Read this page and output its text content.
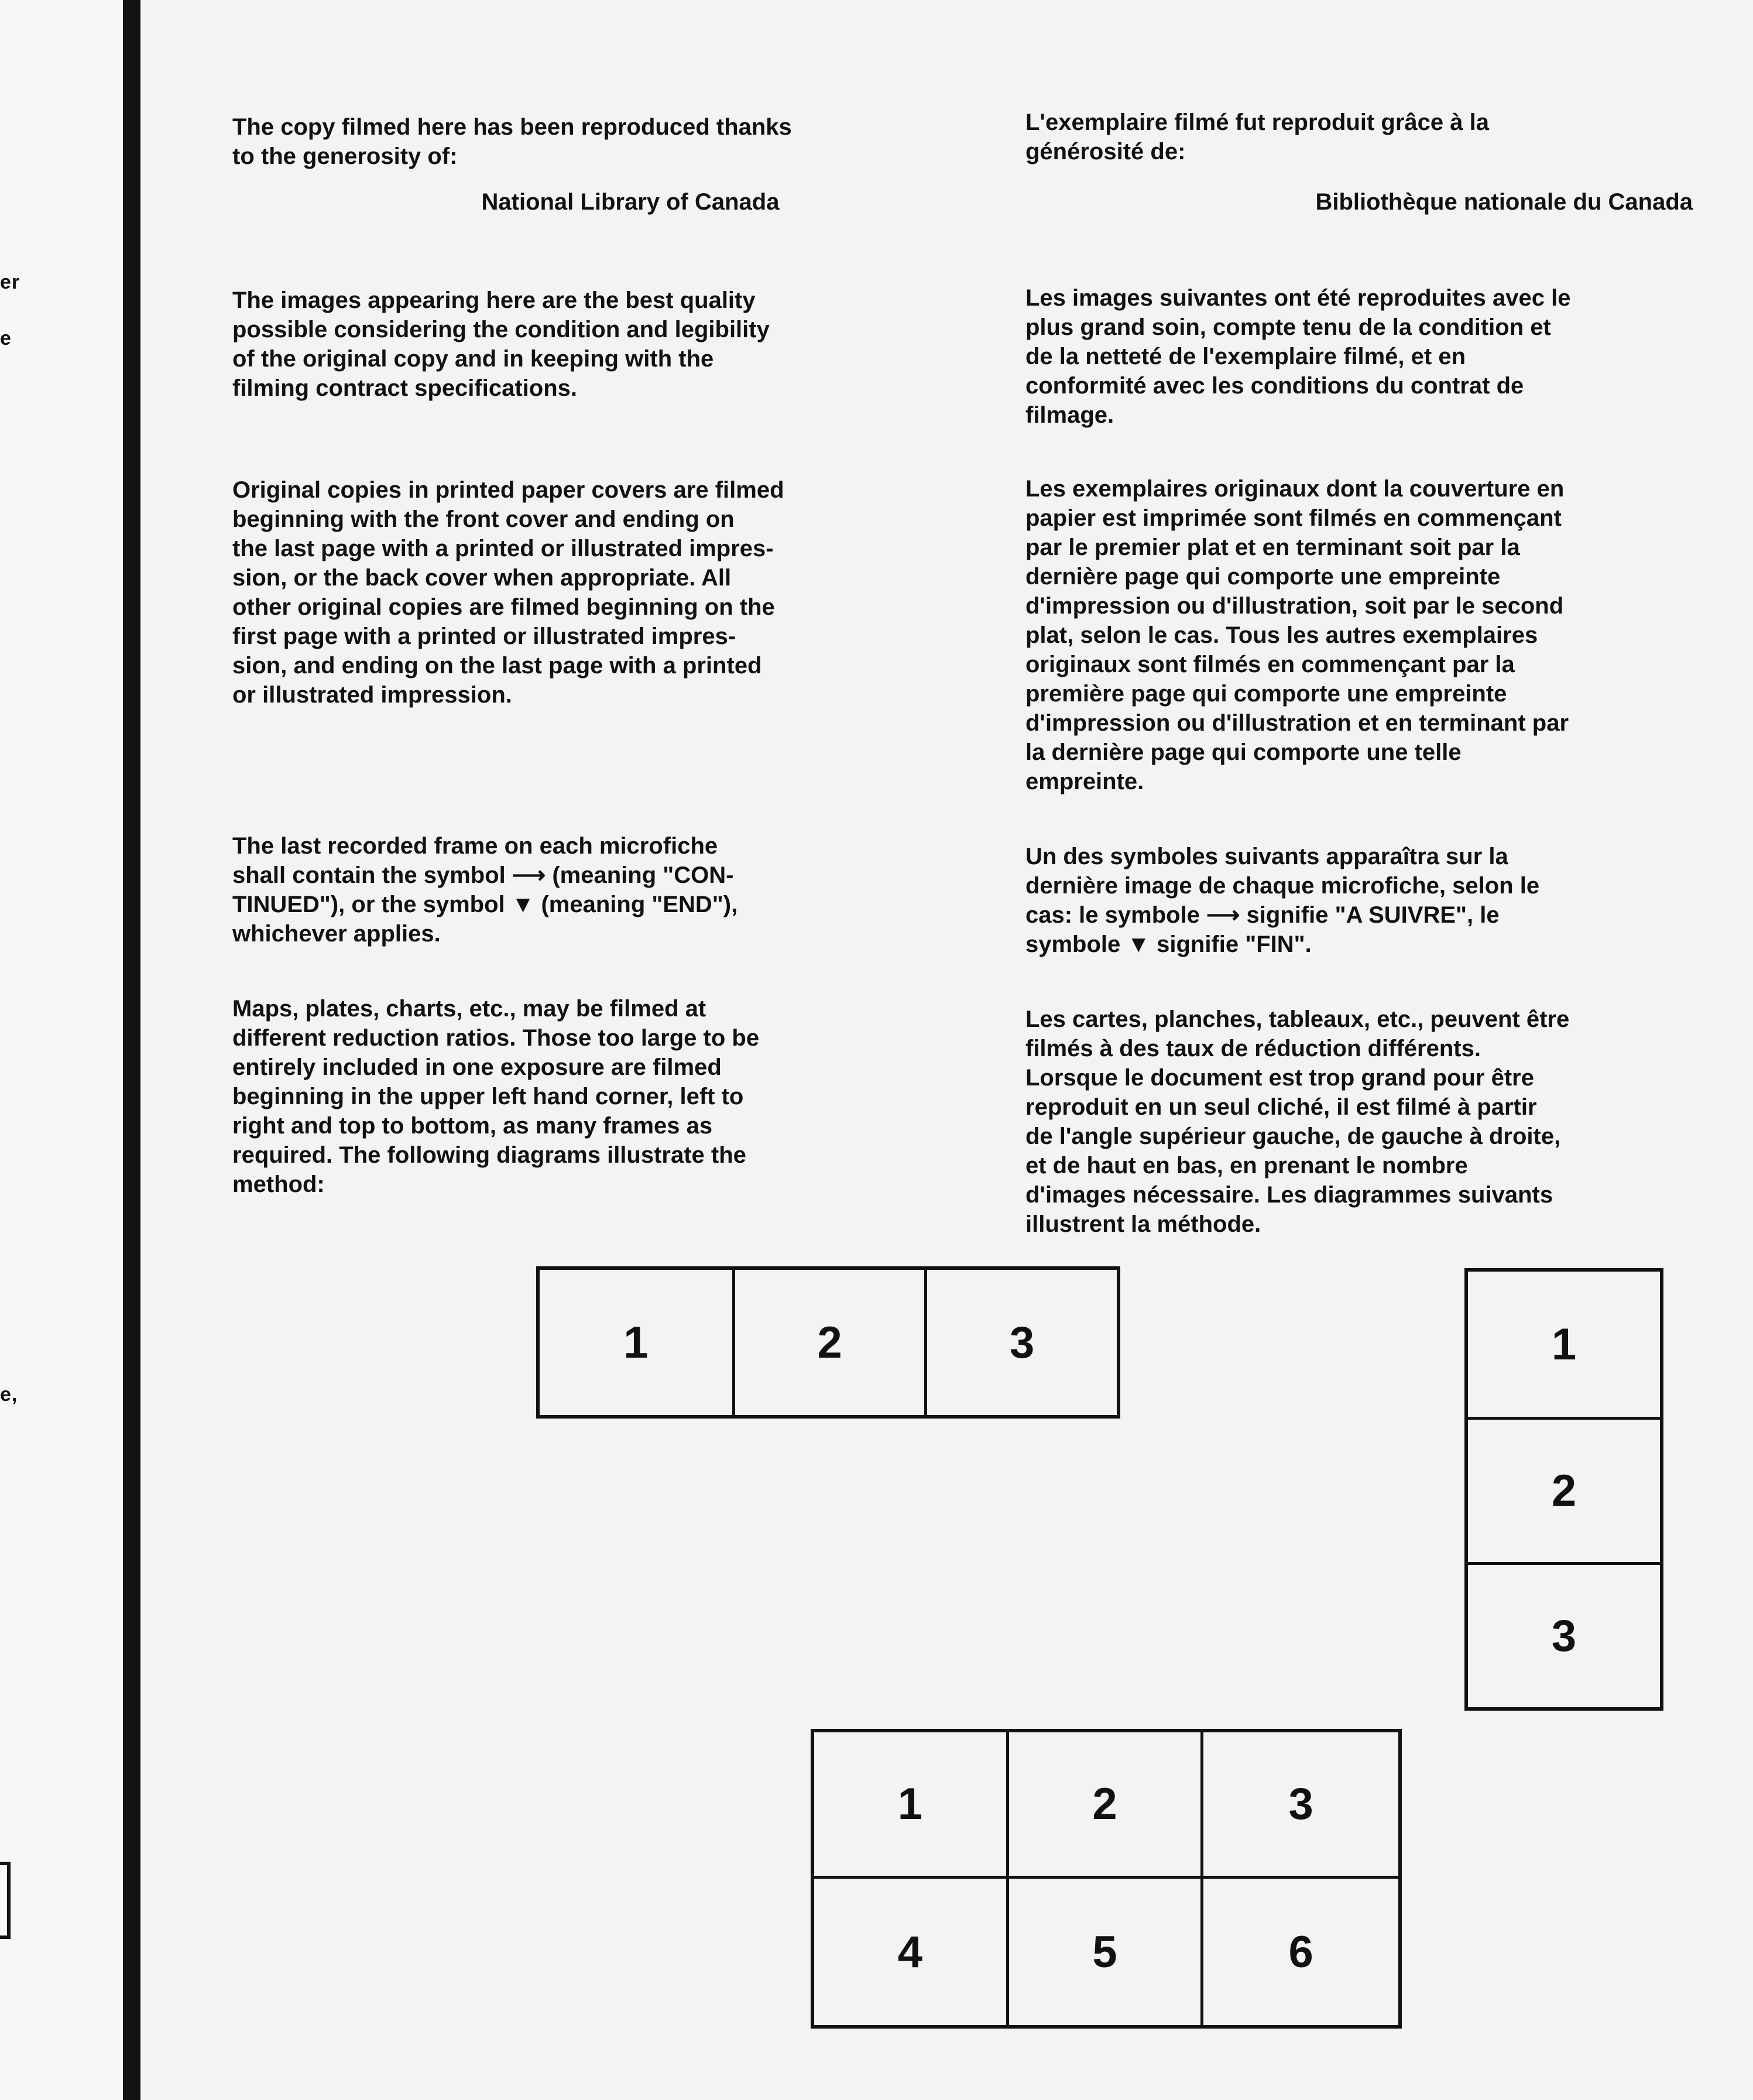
er
e
e,

The copy filmed here has been reproduced thanks
to the generosity of:

National Library of Canada

The images appearing here are the best quality
possible considering the condition and legibility
of the original copy and in keeping with the
filming contract specifications.

Original copies in printed paper covers are filmed
beginning with the front cover and ending on
the last page with a printed or illustrated impres-
sion, or the back cover when appropriate. All
other original copies are filmed beginning on the
first page with a printed or illustrated impres-
sion, and ending on the last page with a printed
or illustrated impression.

The last recorded frame on each microfiche
shall contain the symbol ⟶ (meaning "CON-
TINUED"), or the symbol ▼ (meaning "END"),
whichever applies.

Maps, plates, charts, etc., may be filmed at
different reduction ratios. Those too large to be
entirely included in one exposure are filmed
beginning in the upper left hand corner, left to
right and top to bottom, as many frames as
required. The following diagrams illustrate the
method:

L'exemplaire filmé fut reproduit grâce à la
générosité de:

Bibliothèque nationale du Canada

Les images suivantes ont été reproduites avec le
plus grand soin, compte tenu de la condition et
de la netteté de l'exemplaire filmé, et en
conformité avec les conditions du contrat de
filmage.

Les exemplaires originaux dont la couverture en
papier est imprimée sont filmés en commençant
par le premier plat et en terminant soit par la
dernière page qui comporte une empreinte
d'impression ou d'illustration, soit par le second
plat, selon le cas. Tous les autres exemplaires
originaux sont filmés en commençant par la
première page qui comporte une empreinte
d'impression ou d'illustration et en terminant par
la dernière page qui comporte une telle
empreinte.

Un des symboles suivants apparaîtra sur la
dernière image de chaque microfiche, selon le
cas: le symbole ⟶ signifie "A SUIVRE", le
symbole ▼ signifie "FIN".

Les cartes, planches, tableaux, etc., peuvent être
filmés à des taux de réduction différents.
Lorsque le document est trop grand pour être
reproduit en un seul cliché, il est filmé à partir
de l'angle supérieur gauche, de gauche à droite,
et de haut en bas, en prenant le nombre
d'images nécessaire. Les diagrammes suivants
illustrent la méthode.

1	2	3	1
2
3
1	2	3
4	5	6
